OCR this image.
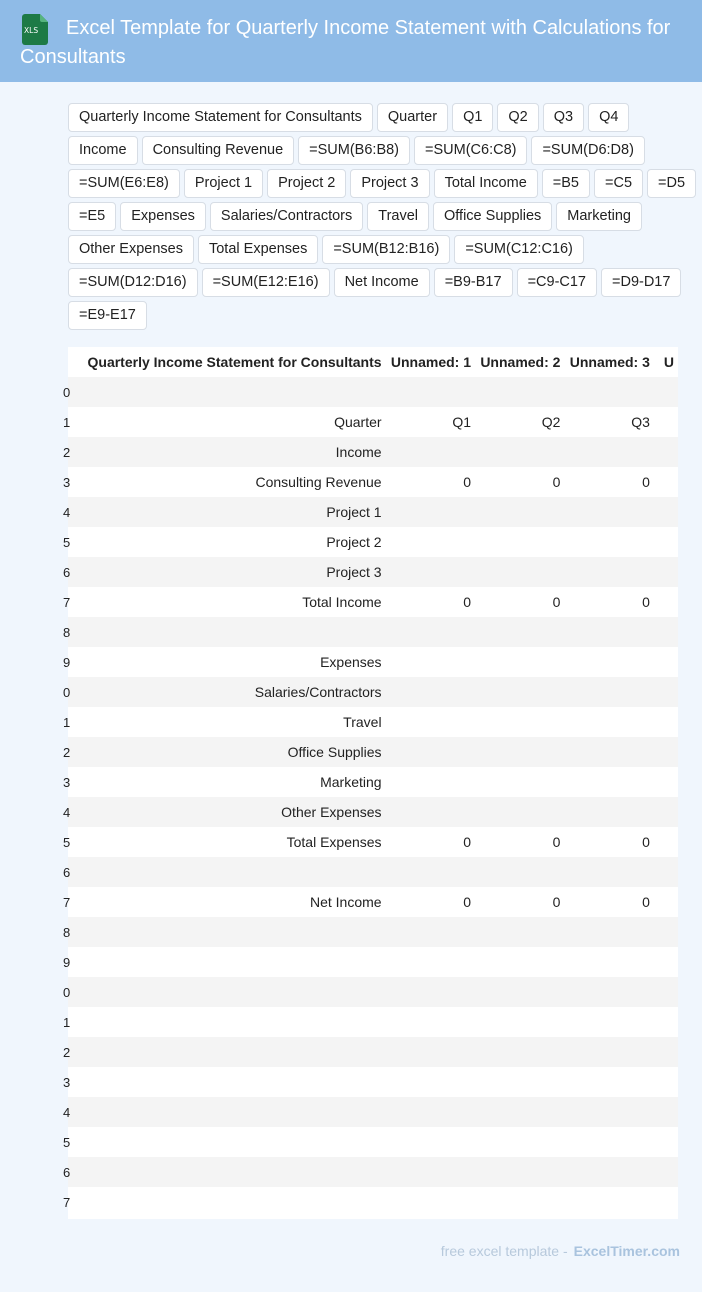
XLS	Excel Template for Quarterly Income Statement with Calculations for Consultants
Quarterly Income Statement for Consultants	Quarter	Q1	Q2	Q3	Q4
Income	Consulting Revenue	=SUM(B6:B8)	=SUM(C6:C8)	=SUM(D6:D8)
=SUM(E6:E8)	Project 1	Project 2	Project 3	Total Income	=B5	=C5	=D5
=E5	Expenses	Salaries/Contractors	Travel	Office Supplies	Marketing
Other Expenses	Total Expenses	=SUM(B12:B16)	=SUM(C12:C16)
=SUM(D12:D16)	=SUM(E12:E16)	Net Income	=B9-B17	=C9-C17	=D9-D17
=E9-E17
	Quarterly Income Statement for Consultants	Unnamed: 1	Unnamed: 2	Unnamed: 3	U
0					
1	Quarter	Q1	Q2	Q3	
2	Income				
3	Consulting Revenue	0	0	0	
4	Project 1				
5	Project 2				
6	Project 3				
7	Total Income	0	0	0	
8					
9	Expenses				
0	Salaries/Contractors				
1	Travel				
2	Office Supplies				
3	Marketing				
4	Other Expenses				
5	Total Expenses	0	0	0	
6					
7	Net Income	0	0	0	
8					
9					
0					
1					
2					
3					
4					
5					
6					
7					
free excel template - ExcelTimer.com
